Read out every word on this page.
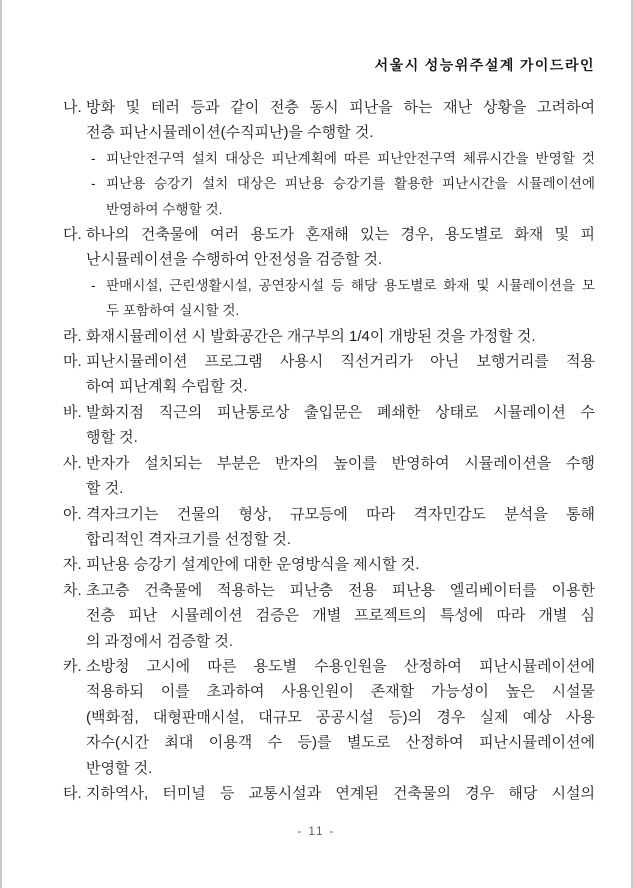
서울시 성능위주설계 가이드라인
나. 방화 및 테러 등과 같이 전층 동시 피난을 하는 재난 상황을 고려하여
전층 피난시뮬레이션(수직피난)을 수행할 것.
- 피난안전구역 설치 대상은 피난계획에 따른 피난안전구역 체류시간을 반영할 것
- 피난용 승강기 설치 대상은 피난용 승강기를 활용한 피난시간을 시뮬레이션에
반영하여 수행할 것.
다. 하나의 건축물에 여러 용도가 혼재해 있는 경우, 용도별로 화재 및 피
난시뮬레이션을 수행하여 안전성을 검증할 것.
- 판매시설, 근린생활시설, 공연장시설 등 해당 용도별로 화재 및 시뮬레이션을 모
두 포함하여 실시할 것.
라. 화재시뮬레이션 시 발화공간은 개구부의 1/4이 개방된 것을 가정할 것.
마. 피난시뮬레이션 프로그램 사용시 직선거리가 아닌 보행거리를 적용
하여 피난계획 수립할 것.
바. 발화지점 직근의 피난통로상 출입문은 폐쇄한 상태로 시뮬레이션 수
행할 것.
사. 반자가 설치되는 부분은 반자의 높이를 반영하여 시뮬레이션을 수행
할 것.
아. 격자크기는 건물의 형상, 규모등에 따라 격자민감도 분석을 통해
합리적인 격자크기를 선정할 것.
자. 피난용 승강기 설계안에 대한 운영방식을 제시할 것.
차. 초고층 건축물에 적용하는 피난층 전용 피난용 엘리베이터를 이용한
전층 피난 시뮬레이션 검증은 개별 프로젝트의 특성에 따라 개별 심
의 과정에서 검증할 것.
카. 소방청 고시에 따른 용도별 수용인원을 산정하여 피난시뮬레이션에
적용하되 이를 초과하여 사용인원이 존재할 가능성이 높은 시설물
(백화점, 대형판매시설, 대규모 공공시설 등)의 경우 실제 예상 사용
자수(시간 최대 이용객 수 등)를 별도로 산정하여 피난시뮬레이션에
반영할 것.
타. 지하역사, 터미널 등 교통시설과 연계된 건축물의 경우 해당 시설의
- 11 -
